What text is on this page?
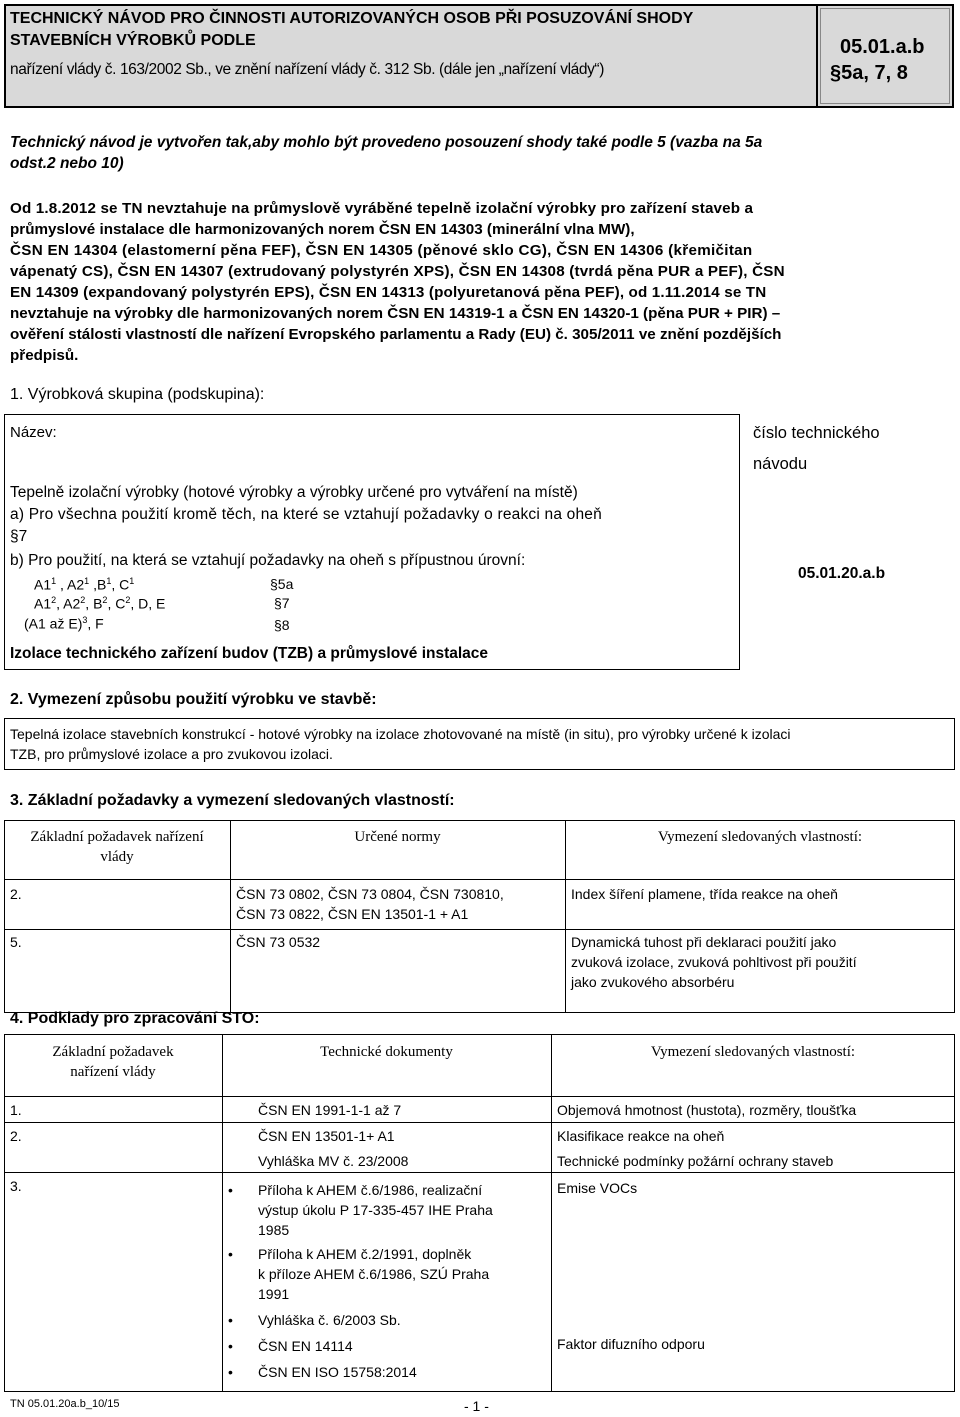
TECHNICKÝ NÁVOD PRO ČINNOSTI AUTORIZOVANÝCH OSOB PŘI POSUZOVÁNÍ SHODY
STAVEBNÍCH VÝROBKŮ PODLE
nařízení vlády č. 163/2002 Sb., ve znění nařízení vlády č. 312 Sb. (dále jen „nařízení vlády“)
05.01.a.b
§5a, 7, 8
Technický návod je vytvořen tak,aby mohlo být provedeno posouzení shody také podle 5 (vazba na 5a
odst.2 nebo 10)
Od 1.8.2012 se TN nevztahuje na průmyslově vyráběné tepelně izolační výrobky pro zařízení staveb a
průmyslové instalace dle harmonizovaných norem ČSN EN 14303 (minerální vlna MW),
ČSN EN 14304 (elastomerní pěna FEF), ČSN EN 14305 (pěnové sklo CG), ČSN EN 14306 (křemičitan
vápenatý CS), ČSN EN 14307 (extrudovaný polystyrén XPS), ČSN EN 14308 (tvrdá pěna PUR a PEF), ČSN
EN 14309 (expandovaný polystyrén EPS), ČSN EN 14313 (polyuretanová pěna PEF), od 1.11.2014 se TN
nevztahuje na výrobky dle harmonizovaných norem ČSN EN 14319-1 a ČSN EN 14320-1 (pěna PUR + PIR) –
ověření stálosti vlastností dle nařízení Evropského parlamentu a Rady (EU) č. 305/2011 ve znění pozdějších
předpisů.
1. Výrobková skupina (podskupina):
Název:	číslo technického
návodu
Tepelně izolační výrobky (hotové výrobky a výrobky určené pro vytváření na místě)
a) Pro všechna použití kromě těch, na které se vztahují požadavky o reakci na oheň
§7
b) Pro použití, na která se vztahují požadavky na oheň s přípustnou úrovní:
$A1^1$ , $A2^1$ $,B^1$, $C^1$	§5a
$A1^2$, $A2^2$, $B^2$, $C^2$, D, E	§7
(A1 až E)$^3$, F	§8
Izolace technického zařízení budov (TZB) a průmyslové instalace
05.01.20.a.b
2. Vymezení způsobu použití výrobku ve stavbě:
Tepelná izolace stavebních konstrukcí - hotové výrobky na izolace zhotovované na místě (in situ), pro výrobky určené k izolaci
TZB, pro průmyslové izolace a pro zvukovou izolaci.
3. Základní požadavky a vymezení sledovaných vlastností:
Základní požadavek nařízení
vlády
Určené normy	Vymezení sledovaných vlastností:
2.	ČSN 73 0802, ČSN 73 0804, ČSN 730810,
ČSN 73 0822, ČSN EN 13501-1 + A1
Index šíření plamene, třída reakce na oheň
5.	ČSN 73 0532	Dynamická tuhost při deklaraci použití jako
zvuková izolace, zvuková pohltivost při použití
jako zvukového absorbéru
4. Podklady pro zpracování STO:
Základní požadavek
nařízení vlády
Technické dokumenty	Vymezení sledovaných vlastností:
1.	ČSN EN 1991-1-1 až 7	Objemová hmotnost (hustota), rozměry, tloušťka
2.	ČSN EN 13501-1+ A1
Vyhláška MV č. 23/2008
Klasifikace reakce na oheň
Technické podmínky požární ochrany staveb
3.
•	Příloha k AHEM č.6/1986, realizační
výstup úkolu P 17-335-457 IHE Praha
1985
• Příloha k AHEM č.2/1991, doplněk
k příloze AHEM č.6/1986, SZÚ Praha
1991
• Vyhláška č. 6/2003 Sb.
• ČSN EN 14114
• ČSN EN ISO 15758:2014
Emise VOCs
Faktor difuzního odporu
TN 05.01.20a.b_10/15	- 1 -
